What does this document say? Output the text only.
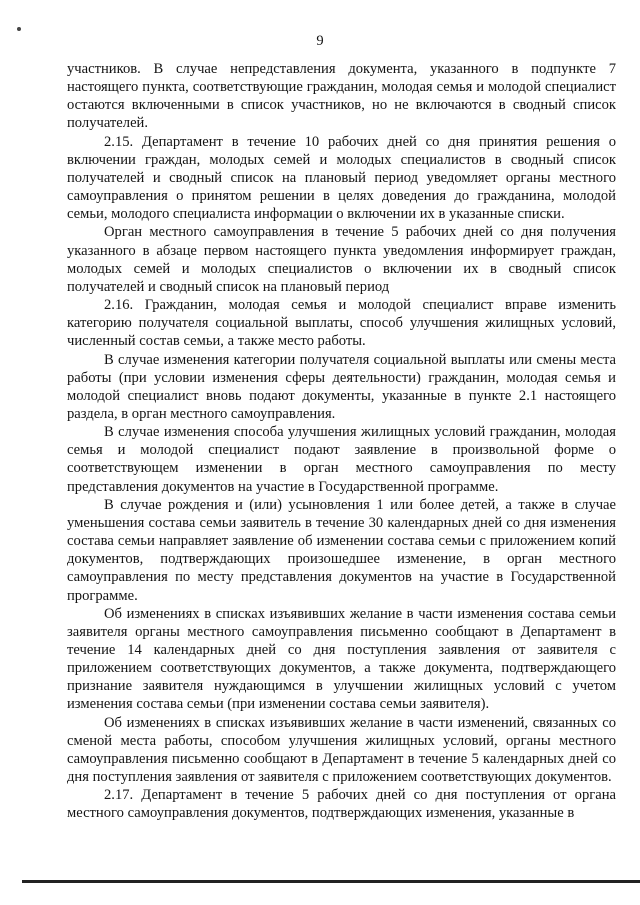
9

участников. В случае непредставления документа, указанного в подпункте 7 настоящего пункта, соответствующие гражданин, молодая семья и молодой специалист остаются включенными в список участников, но не включаются в сводный список получателей.

2.15. Департамент в течение 10 рабочих дней со дня принятия решения о включении граждан, молодых семей и молодых специалистов в сводный список получателей и сводный список на плановый период уведомляет органы местного самоуправления о принятом решении в целях доведения до гражданина, молодой семьи, молодого специалиста информации о включении их в указанные списки.

Орган местного самоуправления в течение 5 рабочих дней со дня получения указанного в абзаце первом настоящего пункта уведомления информирует граждан, молодых семей и молодых специалистов о включении их в сводный список получателей и сводный список на плановый период

2.16. Гражданин, молодая семья и молодой специалист вправе изменить категорию получателя социальной выплаты, способ улучшения жилищных условий, численный состав семьи, а также место работы.

В случае изменения категории получателя социальной выплаты или смены места работы (при условии изменения сферы деятельности) гражданин, молодая семья и молодой специалист вновь подают документы, указанные в пункте 2.1 настоящего раздела, в орган местного самоуправления.

В случае изменения способа улучшения жилищных условий гражданин, молодая семья и молодой специалист подают заявление в произвольной форме о соответствующем изменении в орган местного самоуправления по месту представления документов на участие в Государственной программе.

В случае рождения и (или) усыновления 1 или более детей, а также в случае уменьшения состава семьи заявитель в течение 30 календарных дней со дня изменения состава семьи направляет заявление об изменении состава семьи с приложением копий документов, подтверждающих произошедшее изменение, в орган местного самоуправления по месту представления документов на участие в Государственной программе.

Об изменениях в списках изъявивших желание в части изменения состава семьи заявителя органы местного самоуправления письменно сообщают в Департамент в течение 14 календарных дней со дня поступления заявления от заявителя с приложением соответствующих документов, а также документа, подтверждающего признание заявителя нуждающимся в улучшении жилищных условий с учетом изменения состава семьи (при изменении состава семьи заявителя).

Об изменениях в списках изъявивших желание в части изменений, связанных со сменой места работы, способом улучшения жилищных условий, органы местного самоуправления письменно сообщают в Департамент в течение 5 календарных дней со дня поступления заявления от заявителя с приложением соответствующих документов.

2.17. Департамент в течение 5 рабочих дней со дня поступления от органа местного самоуправления документов, подтверждающих изменения, указанные в
